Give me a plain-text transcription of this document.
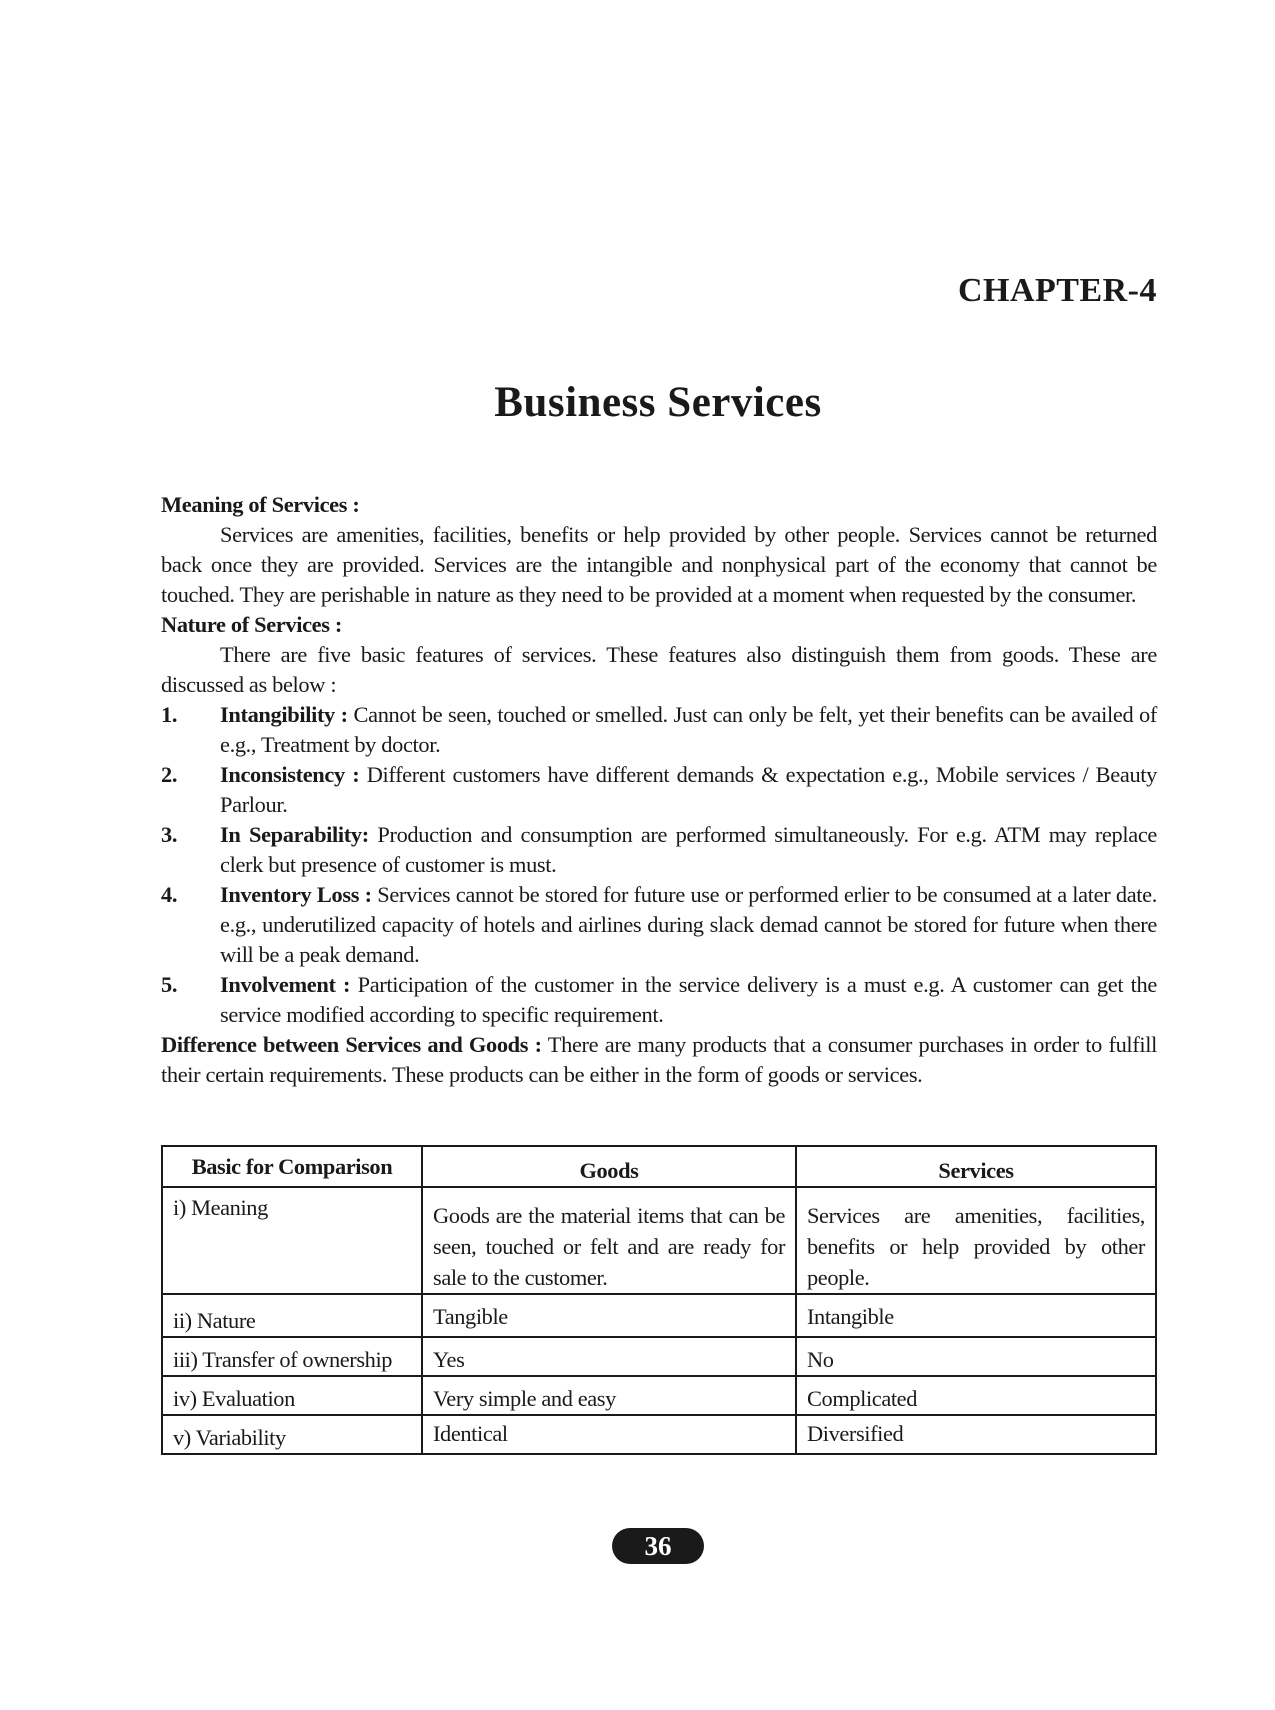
CHAPTER-4
Business Services
Meaning of Services :

Services are amenities, facilities, benefits or help provided by other people. Services cannot be returned back once they are provided. Services are the intangible and nonphysical part of the economy that cannot be touched. They are perishable in nature as they need to be provided at a moment when requested by the consumer.

Nature of Services :

There are five basic features of services. These features also distinguish them from goods. These are discussed as below :

1. Intangibility : Cannot be seen, touched or smelled. Just can only be felt, yet their benefits can be availed of e.g., Treatment by doctor.
2. Inconsistency : Different customers have different demands & expectation e.g., Mobile services / Beauty Parlour.
3. In Separability: Production and consumption are performed simultaneously. For e.g. ATM may replace clerk but presence of customer is must.
4. Inventory Loss : Services cannot be stored for future use or performed erlier to be consumed at a later date. e.g., underutilized capacity of hotels and airlines during slack demad cannot be stored for future when there will be a peak demand.
5. Involvement : Participation of the customer in the service delivery is a must e.g. A customer can get the service modified according to specific requirement.

Difference between Services and Goods : There are many products that a consumer purchases in order to fulfill their certain requirements. These products can be either in the form of goods or services.

Basic for Comparison	Goods	Services
i) Meaning	Goods are the material items that can be seen, touched or felt and are ready for sale to the customer.	Services are amenities, facilities, benefits or help provided by other people.
ii) Nature	Tangible	Intangible
iii) Transfer of ownership	Yes	No
iv) Evaluation	Very simple and easy	Complicated
v) Variability	Identical	Diversified
36
